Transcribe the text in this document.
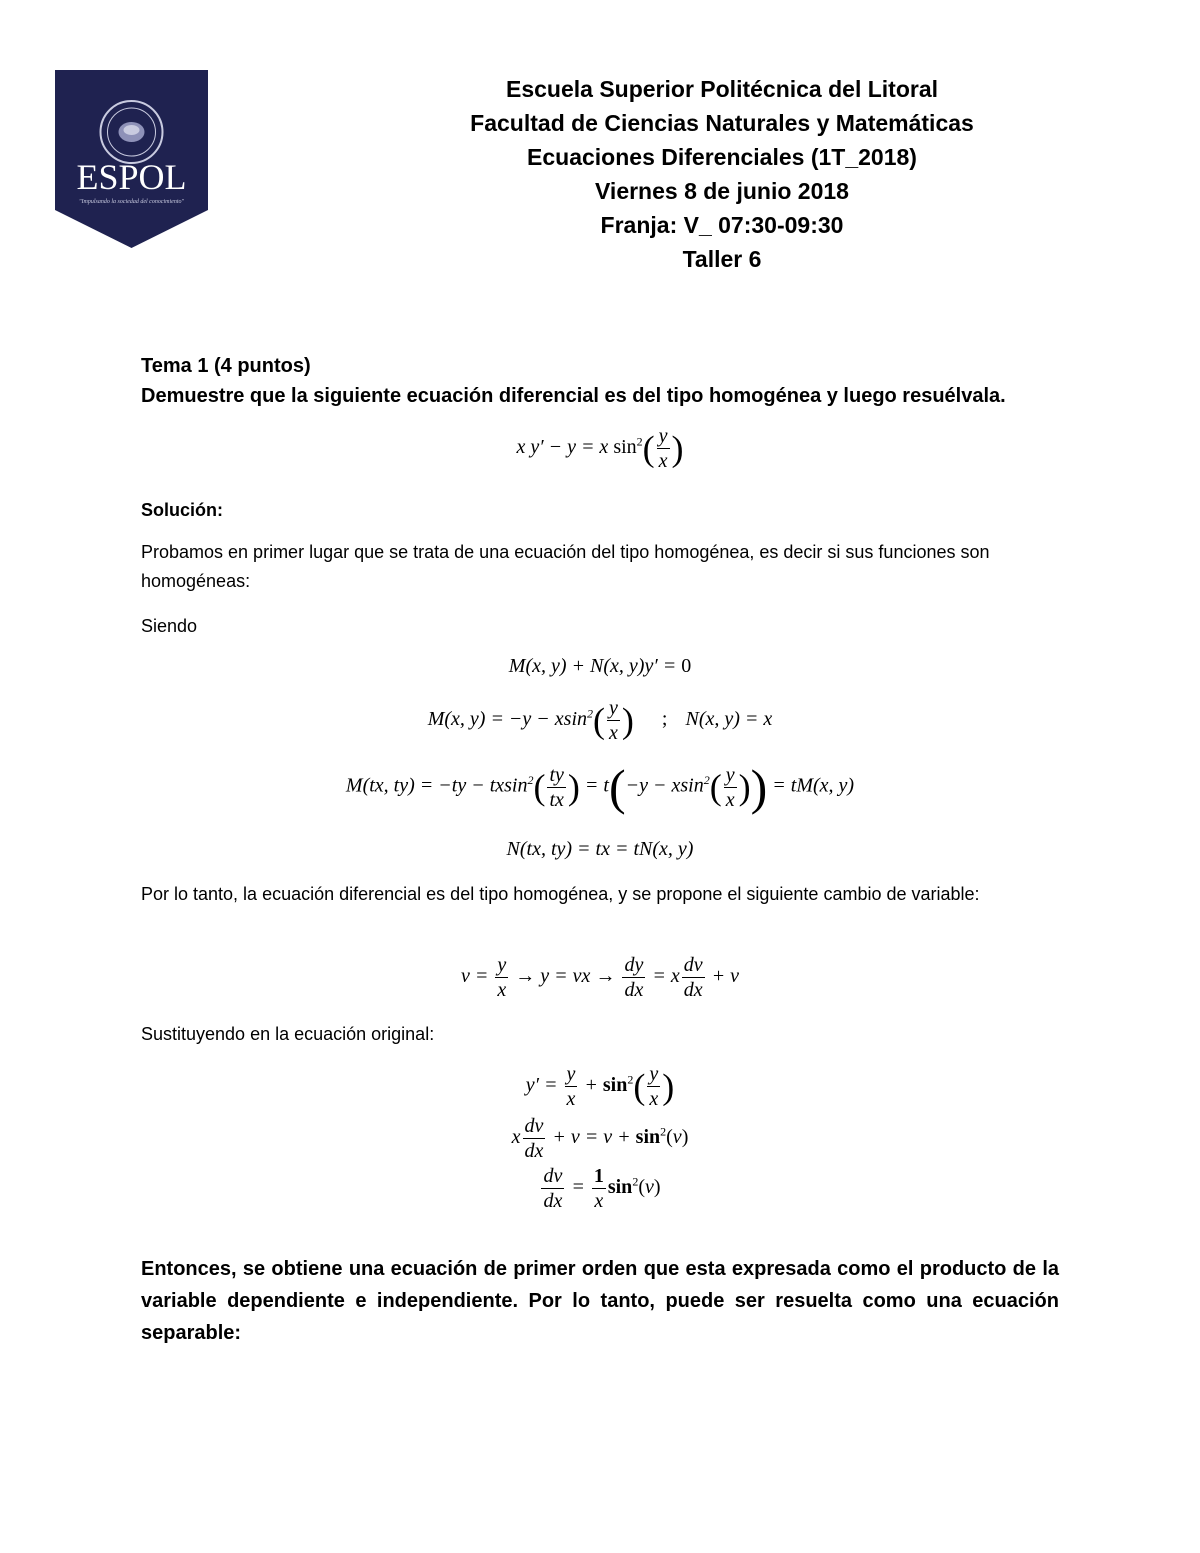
ESPOL
"Impulsando la sociedad del conocimiento"
Escuela Superior Politécnica del Litoral
Facultad de Ciencias Naturales y Matemáticas
Ecuaciones Diferenciales (1T_2018)
Viernes 8 de junio 2018
Franja: V_ 07:30-09:30
Taller 6
Tema 1 (4 puntos)
Demuestre que la siguiente ecuación diferencial es del tipo homogénea y luego resuélvala.
x y′ − y = x $\sin^2( \frac{y}{x}$ )
Solución:
Probamos en primer lugar que se trata de una ecuación del tipo homogénea, es decir si sus funciones son homogéneas:
Siendo
M(x, y) + N(x, y)y′ = 0
M(x, $y) = -y - xsin^2( \frac{y}{x}$ ) ; N(x, y) = x
M(tx, $ty) = -ty - txsin^2( \frac{ty}{tx}$ ) = $t(-y - xsin^2( \frac{y}{x}$ )) = tM(x, y)
N(tx, ty) = tx = tN(x, y)
Por lo tanto, la ecuación diferencial es del tipo homogénea, y se propone el siguiente cambio de variable:
$v = \frac{y}{x} \to y$ = vx → $\frac{dy}{dx} = x \frac{dv}{dx} + v$
Sustituyendo en la ecuación original:
$y' = \frac{y}{x} + \sin^2( \frac{y}{x}$ )
x $\frac{dv}{dx} + v = v + \sin^2(v)$
$\frac{dv}{dx} = \frac{1}{x} \sin^2(v)$
Entonces, se obtiene una ecuación de primer orden que esta expresada como el producto de la variable dependiente e independiente. Por lo tanto, puede ser resuelta como una ecuación separable:
